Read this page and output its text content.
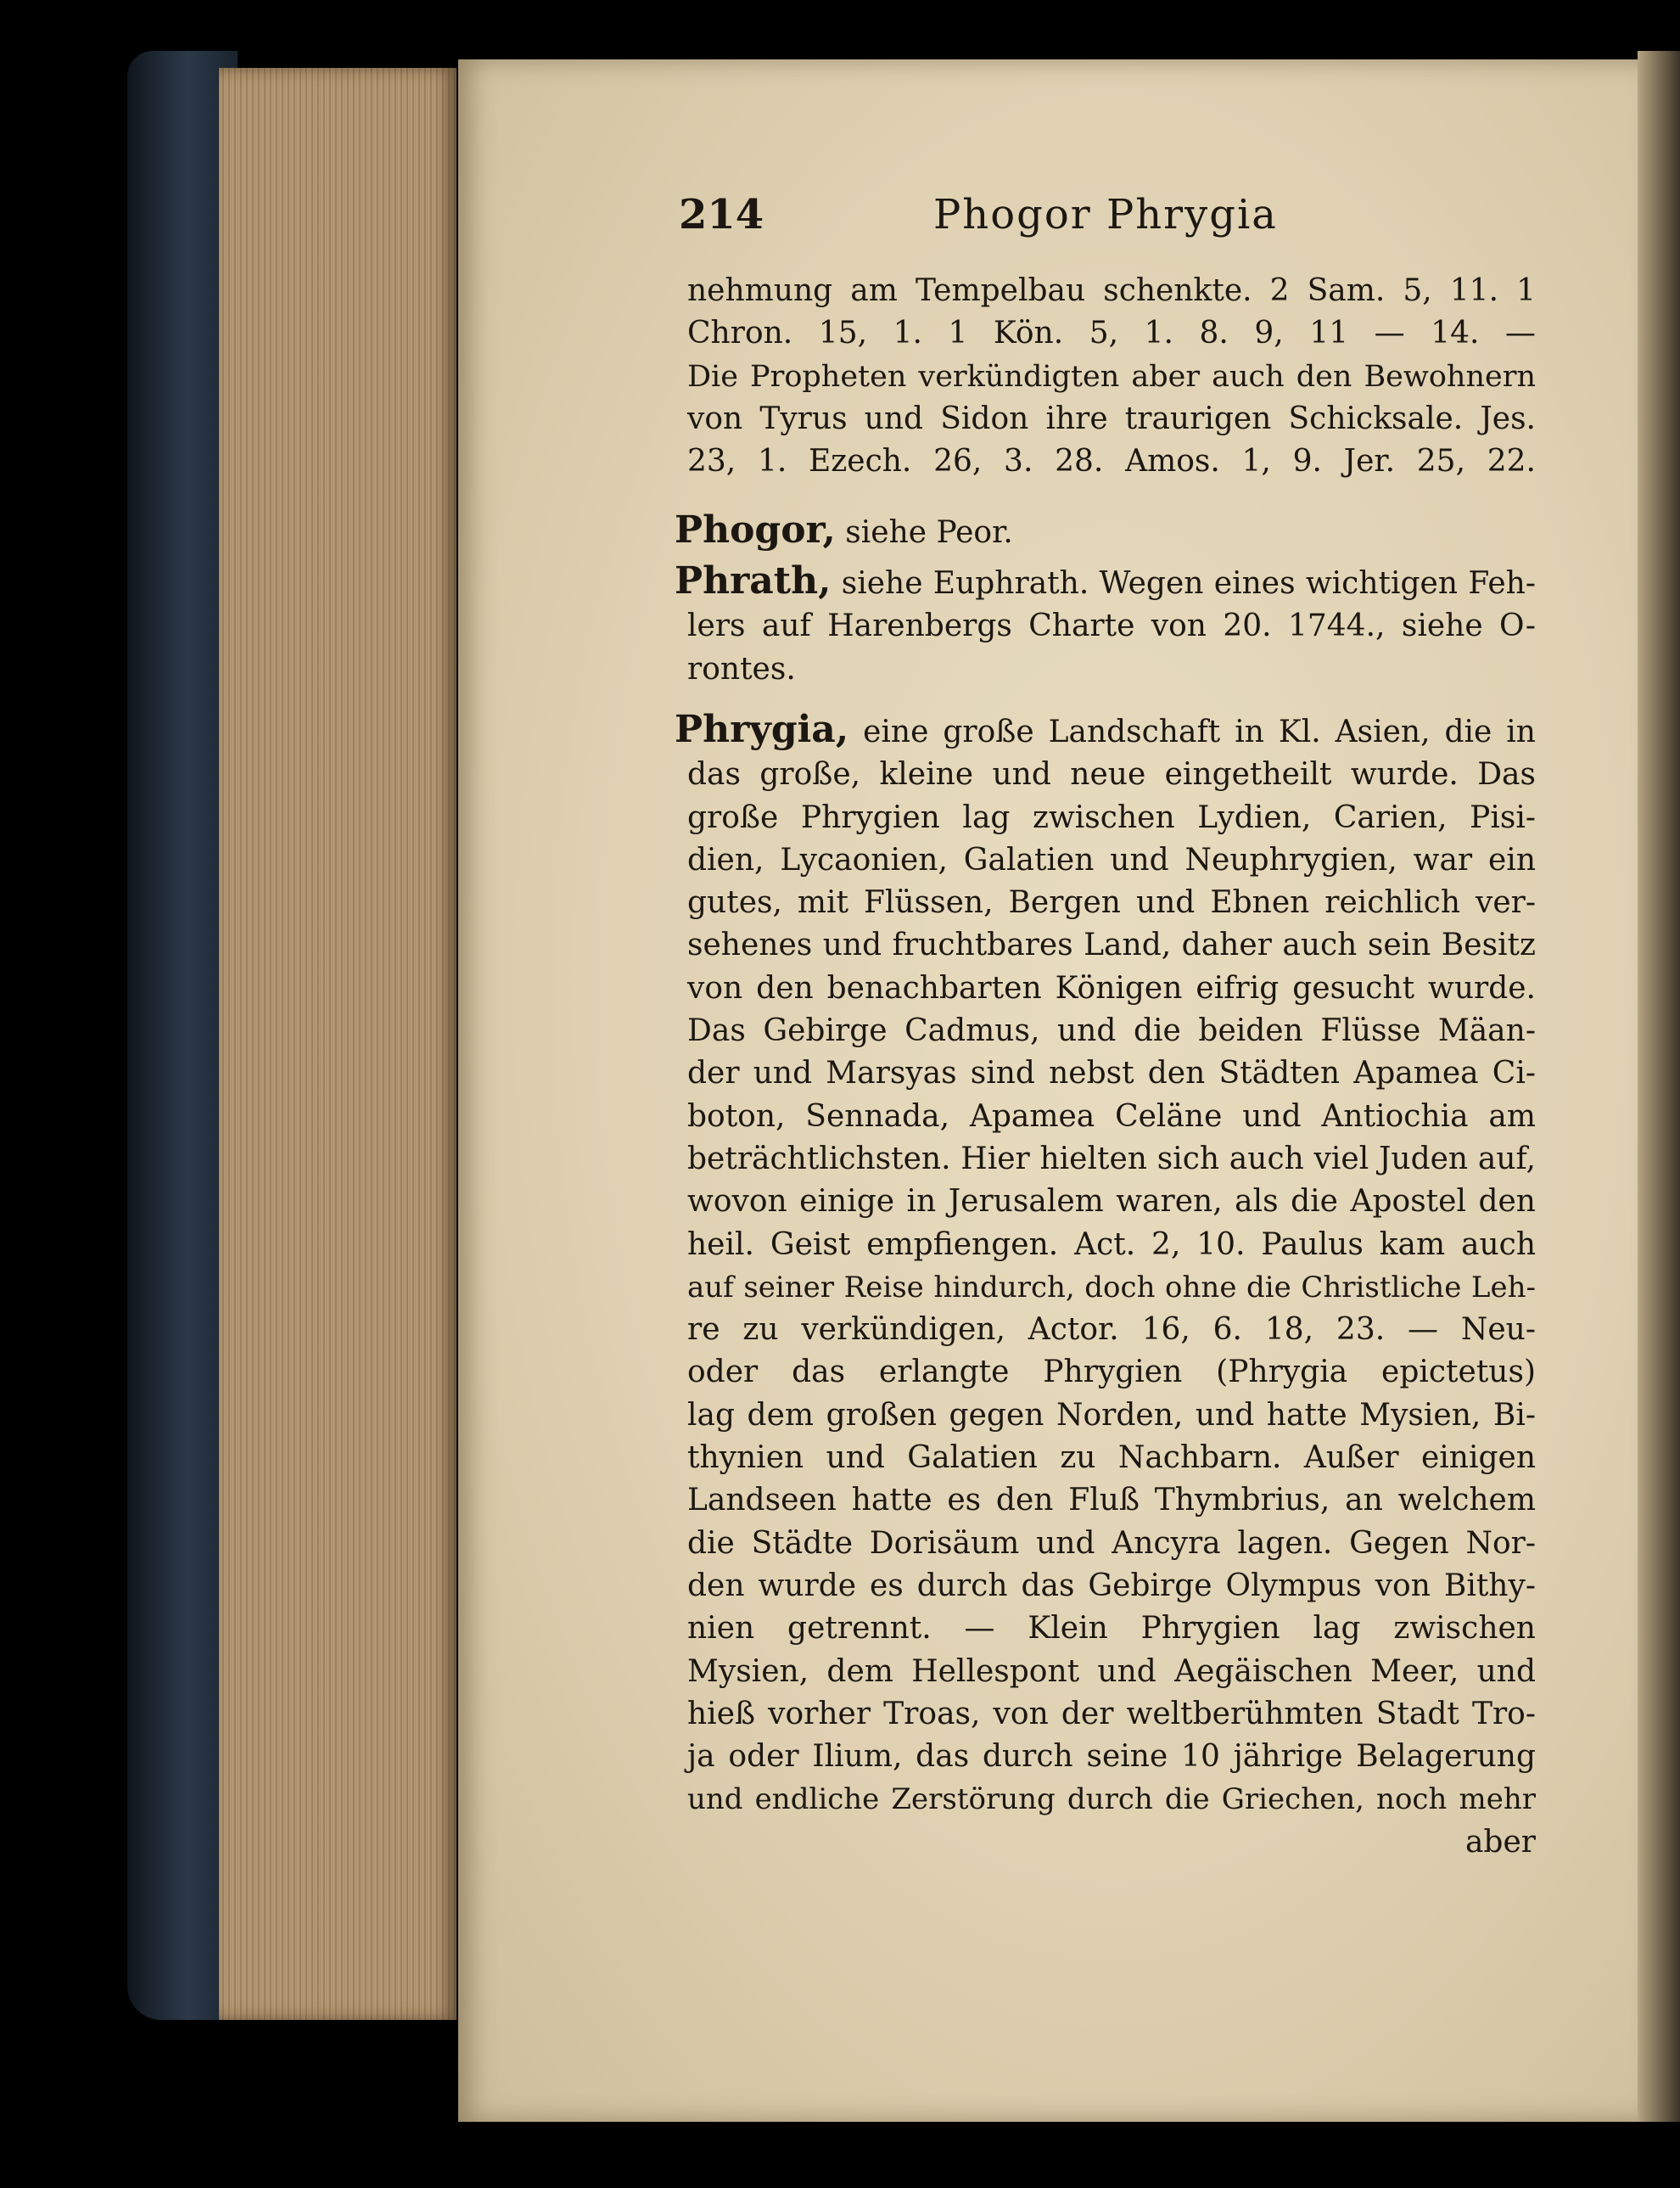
214	Phogor Phrygia
nehmung am Tempelbau schenkte. 2 Sam. 5, 11. 1
Chron. 15, 1. 1 Kön. 5, 1. 8. 9, 11 — 14. —
Die Propheten verkündigten aber auch den Bewohnern
von Tyrus und Sidon ihre traurigen Schicksale. Jes.
23, 1. Ezech. 26, 3. 28. Amos. 1, 9. Jer. 25, 22.
Phogor, siehe Peor.
Phrath, siehe Euphrath. Wegen eines wichtigen Feh-
lers auf Harenbergs Charte von 20. 1744., siehe O-
rontes.
Phrygia, eine große Landschaft in Kl. Asien, die in
das große, kleine und neue eingetheilt wurde. Das
große Phrygien lag zwischen Lydien, Carien, Pisi-
dien, Lycaonien, Galatien und Neuphrygien, war ein
gutes, mit Flüssen, Bergen und Ebnen reichlich ver-
sehenes und fruchtbares Land, daher auch sein Besitz
von den benachbarten Königen eifrig gesucht wurde.
Das Gebirge Cadmus, und die beiden Flüsse Mäan-
der und Marsyas sind nebst den Städten Apamea Ci-
boton, Sennada, Apamea Celäne und Antiochia am
beträchtlichsten. Hier hielten sich auch viel Juden auf,
wovon einige in Jerusalem waren, als die Apostel den
heil. Geist empfiengen. Act. 2, 10. Paulus kam auch
auf seiner Reise hindurch, doch ohne die Christliche Leh-
re zu verkündigen, Actor. 16, 6. 18, 23. — Neu-
oder das erlangte Phrygien (Phrygia epictetus)
lag dem großen gegen Norden, und hatte Mysien, Bi-
thynien und Galatien zu Nachbarn. Außer einigen
Landseen hatte es den Fluß Thymbrius, an welchem
die Städte Dorisäum und Ancyra lagen. Gegen Nor-
den wurde es durch das Gebirge Olympus von Bithy-
nien getrennt. — Klein Phrygien lag zwischen
Mysien, dem Hellespont und Aegäischen Meer, und
hieß vorher Troas, von der weltberühmten Stadt Tro-
ja oder Ilium, das durch seine 10 jährige Belagerung
und endliche Zerstörung durch die Griechen, noch mehr
aber
